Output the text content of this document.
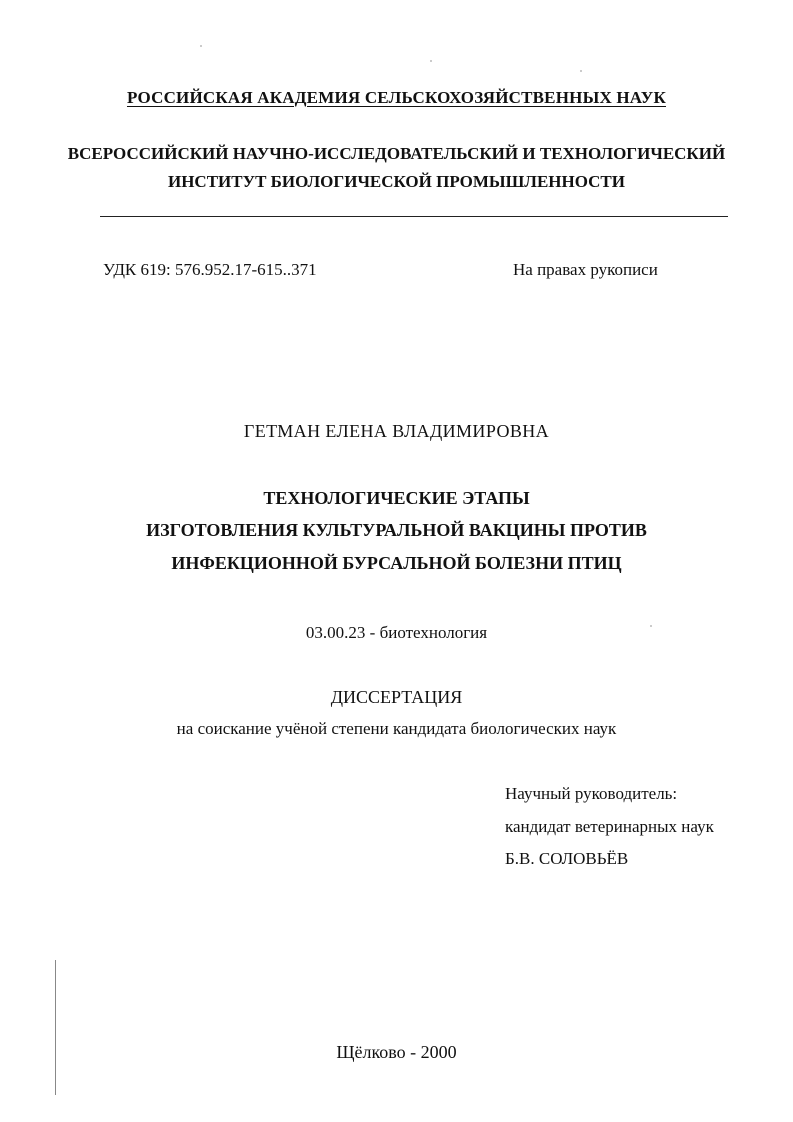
РОССИЙСКАЯ АКАДЕМИЯ СЕЛЬСКОХОЗЯЙСТВЕННЫХ НАУК
ВСЕРОССИЙСКИЙ НАУЧНО-ИССЛЕДОВАТЕЛЬСКИЙ И ТЕХНОЛОГИЧЕСКИЙ
ИНСТИТУТ БИОЛОГИЧЕСКОЙ ПРОМЫШЛЕННОСТИ
УДК 619: 576.952.17-615..371	На правах рукописи
ГЕТМАН ЕЛЕНА ВЛАДИМИРОВНА
ТЕХНОЛОГИЧЕСКИЕ ЭТАПЫ
ИЗГОТОВЛЕНИЯ КУЛЬТУРАЛЬНОЙ ВАКЦИНЫ ПРОТИВ
ИНФЕКЦИОННОЙ БУРСАЛЬНОЙ БОЛЕЗНИ ПТИЦ
03.00.23 - биотехнология
ДИССЕРТАЦИЯ
на соискание учёной степени кандидата биологических наук
Научный руководитель:
кандидат ветеринарных наук
Б.В. СОЛОВЬЁВ
Щёлково - 2000
